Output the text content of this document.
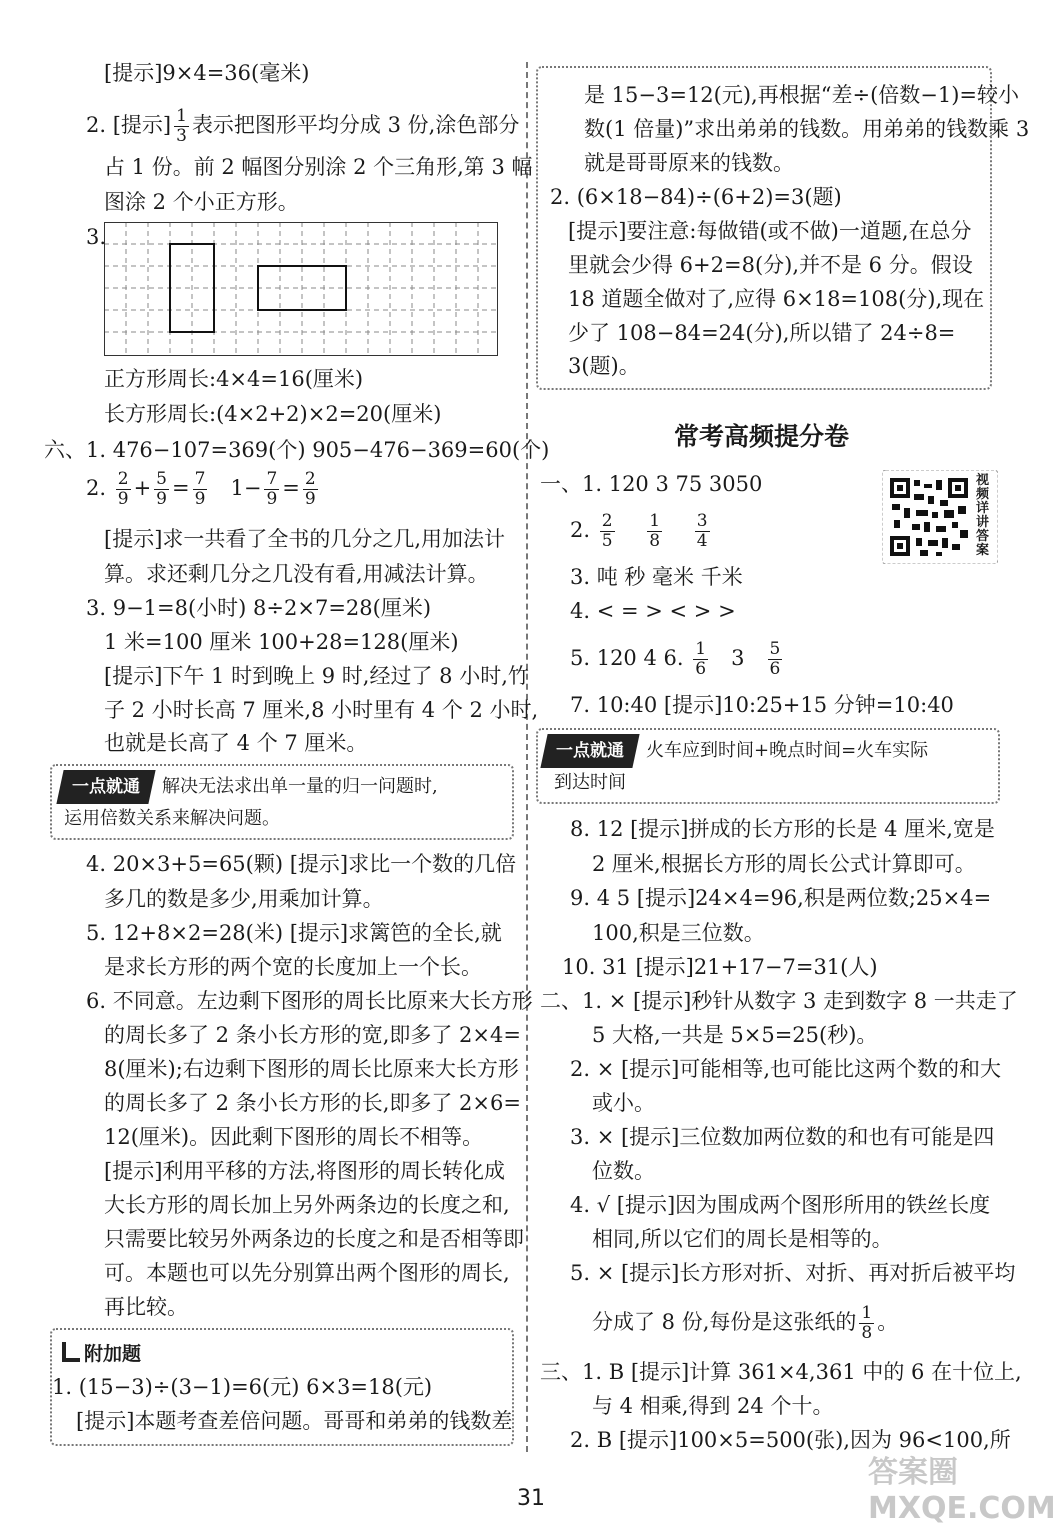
[提示]9×4=36(毫米)
2. [提示] $\frac{1}{3}$ 表示把图形平均分成 3 份,涂色部分
占 1 份。前 2 幅图分别涂 2 个三角形,第 3 幅
图涂 2 个小正方形。
3.
正方形周长:4×4=16(厘米)
长方形周长:(4×2+2)×2=20(厘米)
六、1. 476−107=369(个) 905−476−369=60(个)
2. $\frac{2}{9} + \frac{5}{9} = \frac{7}{9} 1- \frac{7}{9} = \frac{2}{9}$
[提示]求一共看了全书的几分之几,用加法计
算。求还剩几分之几没有看,用减法计算。
3. 9−1=8(小时) 8÷2×7=28(厘米)
1 米=100 厘米 100+28=128(厘米)
[提示]下午 1 时到晚上 9 时,经过了 8 小时,竹
子 2 小时长高 7 厘米,8 小时里有 4 个 2 小时,
也就是长高了 4 个 7 厘米。
一点就通 解决无法求出单一量的归一问题时,
运用倍数关系来解决问题。
4. 20×3+5=65(颗) [提示]求比一个数的几倍
多几的数是多少,用乘加计算。
5. 12+8×2=28(米) [提示]求篱笆的全长,就
是求长方形的两个宽的长度加上一个长。
6. 不同意。左边剩下图形的周长比原来大长方形
的周长多了 2 条小长方形的宽,即多了 2×4=
8(厘米);右边剩下图形的周长比原来大长方形
的周长多了 2 条小长方形的长,即多了 2×6=
12(厘米)。因此剩下图形的周长不相等。
[提示]利用平移的方法,将图形的周长转化成
大长方形的周长加上另外两条边的长度之和,
只需要比较另外两条边的长度之和是否相等即
可。本题也可以先分别算出两个图形的周长,
再比较。
附加题
1. (15−3)÷(3−1)=6(元) 6×3=18(元)
[提示]本题考查差倍问题。哥哥和弟弟的钱数差
是 15−3=12(元),再根据“差÷(倍数−1)=较小
数(1 倍量)”求出弟弟的钱数。用弟弟的钱数乘 3
就是哥哥原来的钱数。
2. (6×18−84)÷(6+2)=3(题)
[提示]要注意:每做错(或不做)一道题,在总分
里就会少得 6+2=8(分),并不是 6 分。假设
18 道题全做对了,应得 6×18=108(分),现在
少了 108−84=24(分),所以错了 24÷8=
3(题)。
常考高频提分卷
视频详讲答案
一、1. 120 3 75 3050
2. $\frac{2}{5}$
$\frac{1}{8}$
$\frac{3}{4}$
3. 吨 秒 毫米 千米
4. < = > < > >
5. 120 4 6. $\frac{1}{6} 3 \frac{5}{6}$
7. 10:40 [提示]10:25+15 分钟=10:40
一点就通 火车应到时间+晚点时间=火车实际
到达时间
8. 12 [提示]拼成的长方形的长是 4 厘米,宽是
2 厘米,根据长方形的周长公式计算即可。
9. 4 5 [提示]24×4=96,积是两位数;25×4=
100,积是三位数。
10. 31 [提示]21+17−7=31(人)
二、1. × [提示]秒针从数字 3 走到数字 8 一共走了
5 大格,一共是 5×5=25(秒)。
2. × [提示]可能相等,也可能比这两个数的和大
或小。
3. × [提示]三位数加两位数的和也有可能是四
位数。
4. √ [提示]因为围成两个图形所用的铁丝长度
相同,所以它们的周长是相等的。
5. × [提示]长方形对折、对折、再对折后被平均
分成了 8 份,每份是这张纸的 $\frac{1}{8}$ 。
三、1. B [提示]计算 361×4,361 中的 6 在十位上,
与 4 相乘,得到 24 个十。
2. B [提示]100×5=500(张),因为 96<100,所
31
答案圈 MXQE.COM
